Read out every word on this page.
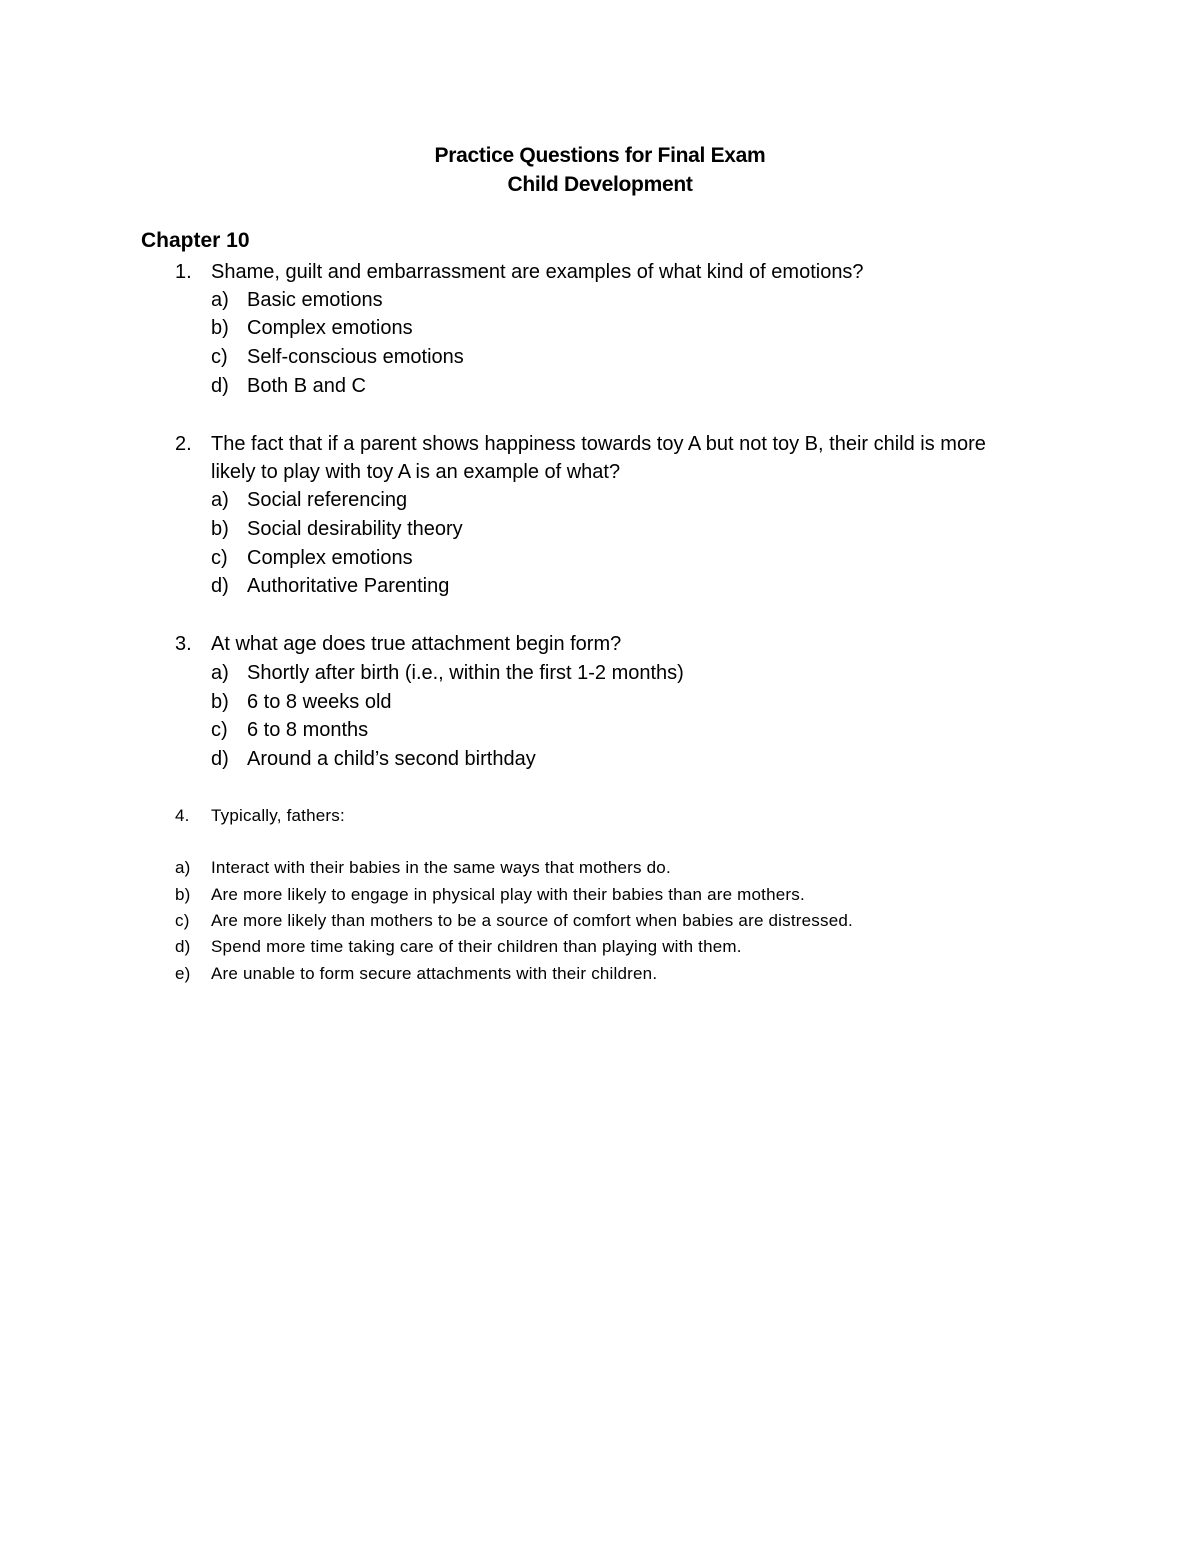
Practice Questions for Final Exam
Child Development
Chapter 10
1. Shame, guilt and embarrassment are examples of what kind of emotions?
a) Basic emotions
b) Complex emotions
c) Self-conscious emotions
d) Both B and C
2. The fact that if a parent shows happiness towards toy A but not toy B, their child is more
likely to play with toy A is an example of what?
a) Social referencing
b) Social desirability theory
c) Complex emotions
d) Authoritative Parenting
3. At what age does true attachment begin form?
a) Shortly after birth (i.e., within the first 1-2 months)
b) 6 to 8 weeks old
c) 6 to 8 months
d) Around a child’s second birthday
4. Typically, fathers:
a) Interact with their babies in the same ways that mothers do.
b) Are more likely to engage in physical play with their babies than are mothers.
c) Are more likely than mothers to be a source of comfort when babies are distressed.
d) Spend more time taking care of their children than playing with them.
e) Are unable to form secure attachments with their children.
